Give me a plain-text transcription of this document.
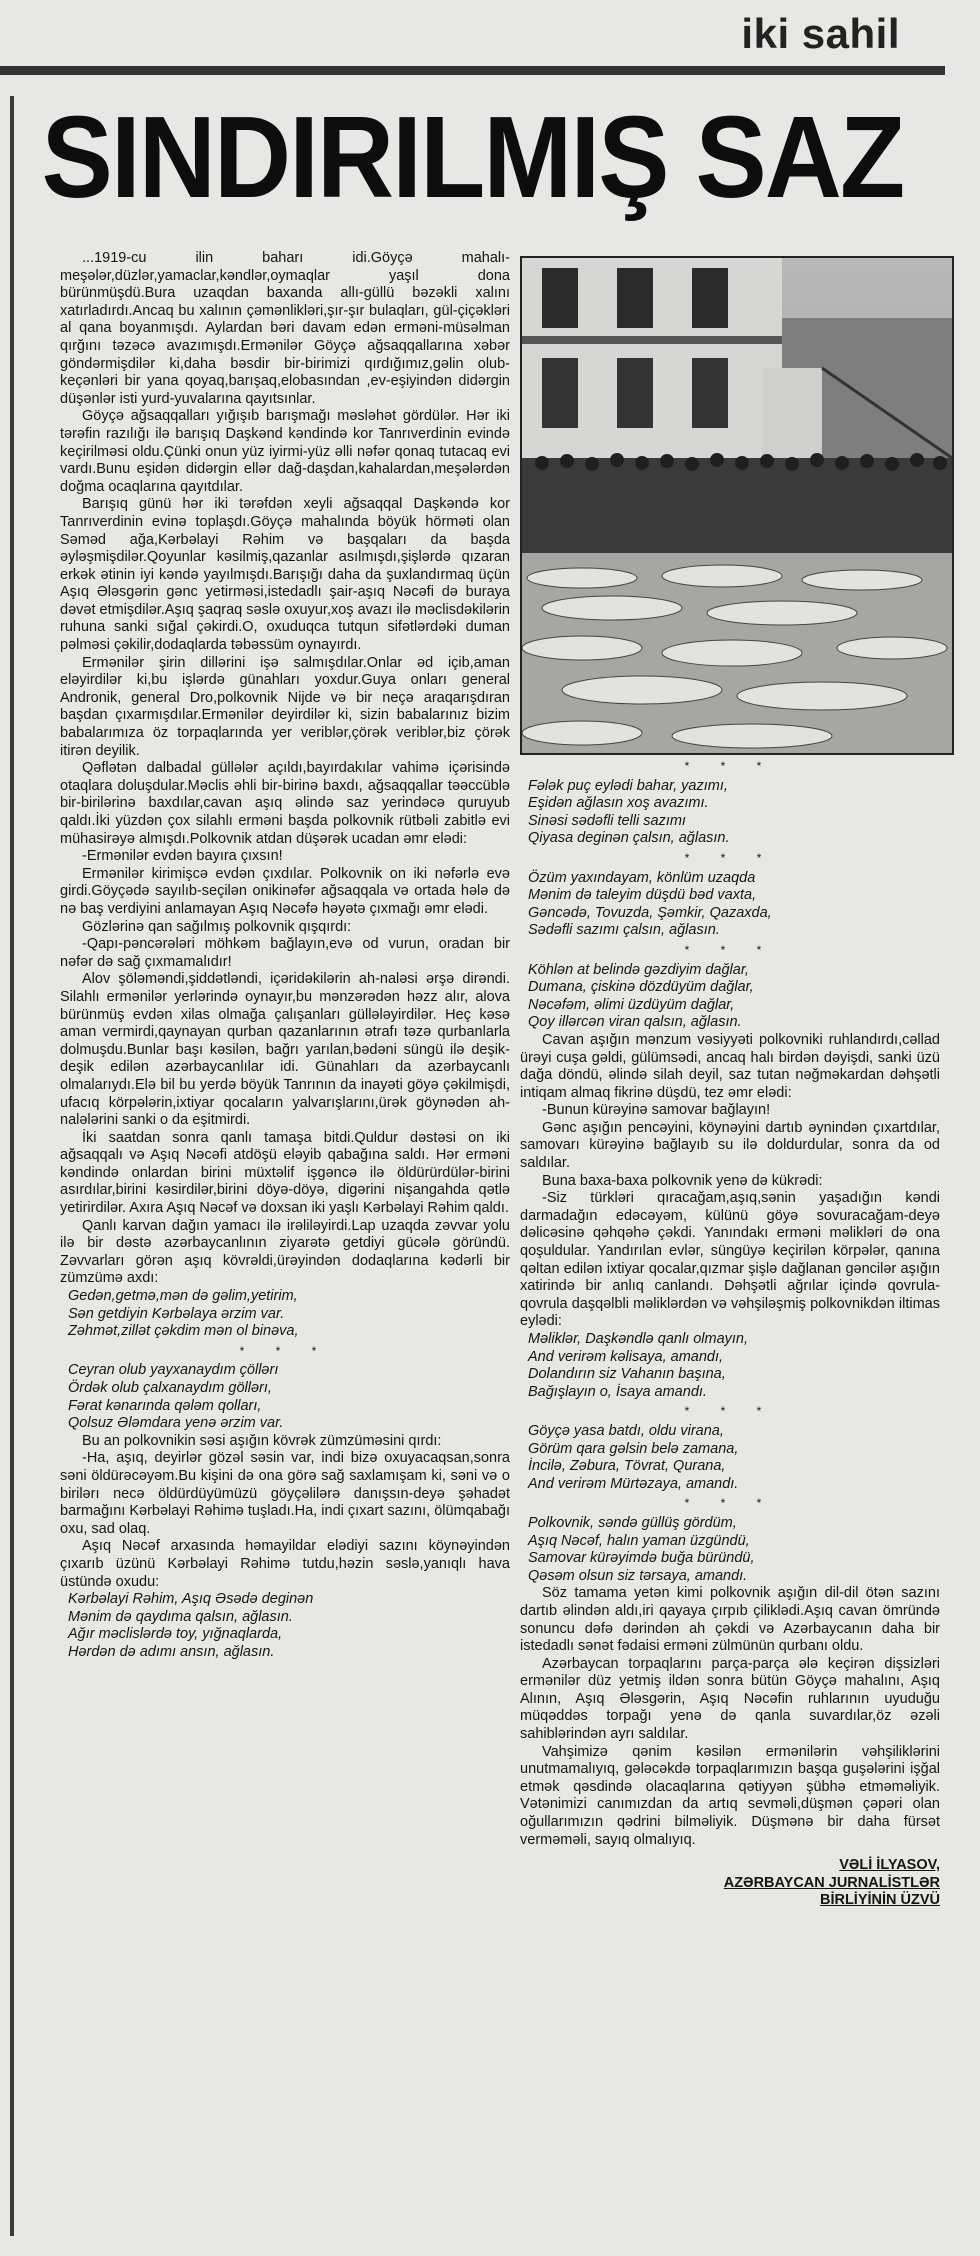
iki sahil
SINDIRILMIŞ SAZ

...1919-cu ilin baharı idi.Göyçə mahalı-meşələr,düzlər,yamaclar,kəndlər,oymaqlar yaşıl dona bürünmüşdü.Bura uzaqdan baxanda allı-güllü bəzəkli xalını xatırladırdı.Ancaq bu xalının çəmənlikləri,şır-şır bulaqları, gül-çiçəkləri al qana boyanmışdı. Aylardan bəri davam edən erməni-müsəlman qırğını təzəcə avazımışdı.Ermənilər Göyçə ağsaqqallarına xəbər göndərmişdilər ki,daha bəsdir bir-birimizi qırdığımız,gəlin olub-keçənləri bir yana qoyaq,barışaq,elobasından ,ev-eşiyindən didərgin düşənlər isti yurd-yuvalarına qayıtsınlar.

Göyçə ağsaqqalları yığışıb barışmağı məsləhət gördülər. Hər iki tərəfin razılığı ilə barışıq Daşkənd kəndində kor Tanrıverdinin evində keçirilməsi oldu.Çünki onun yüz iyirmi-yüz əlli nəfər qonaq tutacaq evi vardı.Bunu eşidən didərgin ellər dağ-daşdan,kahalardan,meşələrdən doğma ocaqlarına qayıtdılar.

Barışıq günü hər iki tərəfdən xeyli ağsaqqal Daşkəndə kor Tanrıverdinin evinə toplaşdı.Göyçə mahalında böyük hörməti olan Səməd ağa,Kərbəlayi Rəhim və başqaları da başda əyləşmişdilər.Qoyunlar kəsilmiş,qazanlar asılmışdı,şişlərdə qızaran erkək ətinin iyi kəndə yayılmışdı.Barışığı daha da şuxlandırmaq üçün Aşıq Ələsgərin gənc yetirməsi,istedadlı şair-aşıq Nəcəfi də buraya dəvət etmişdilər.Aşıq şaqraq səslə oxuyur,xoş avazı ilə məclisdəkilərin ruhuna sanki sığal çəkirdi.O, oxuduqca tutqun sifətlərdəki duman pəlməsi çəkilir,dodaqlarda təbəssüm oynayırdı.

Ermənilər şirin dillərini işə salmışdılar.Onlar əd içib,aman eləyirdilər ki,bu işlərdə günahları yoxdur.Guya onları general Andronik, general Dro,polkovnik Nijde və bir neçə araqarışdıran başdan çıxarmışdılar.Ermənilər deyirdilər ki, sizin babalarınız bizim babalarımıza öz torpaqlarında yer veriblər,çörək veriblər,biz çörək itirən deyilik.

Qəflətən dalbadal güllələr açıldı,bayırdakılar vahimə içərisində otaqlara doluşdular.Məclis əhli bir-birinə baxdı, ağsaqqallar təəccüblə bir-birilərinə baxdılar,cavan aşıq əlində saz yerindəcə quruyub qaldı.İki yüzdən çox silahlı erməni başda polkovnik rütbəli zabitlə evi mühasirəyə almışdı.Polkovnik atdan düşərək ucadan əmr elədi:

-Ermənilər evdən bayıra çıxsın!

Ermənilər kirimişcə evdən çıxdılar. Polkovnik on iki nəfərlə evə girdi.Göyçədə sayılıb-seçilən onikinəfər ağsaqqala və ortada hələ də nə baş verdiyini anlamayan Aşıq Nəcəfə həyətə çıxmağı əmr elədi.

Gözlərinə qan sağılmış polkovnik qışqırdı:

-Qapı-pəncərələri möhkəm bağlayın,evə od vurun, oradan bir nəfər də sağ çıxmamalıdır!

Alov şöləməndi,şiddətləndi, içəridəkilərin ah-naləsi ərşə dirəndi. Silahlı ermənilər yerlərində oynayır,bu mənzərədən həzz alır, alova bürünmüş evdən xilas olmağa çalışanları güllələyirdilər. Heç kəsə aman vermirdi,qaynayan qurban qazanlarının ətrafı təzə qurbanlarla dolmuşdu.Bunlar başı kəsilən, bağrı yarılan,bədəni süngü ilə deşik-deşik edilən azərbaycanlılar idi. Günahları da azərbaycanlı olmalarıydı.Elə bil bu yerdə böyük Tanrının da inayəti göyə çəkilmişdi, ufacıq körpələrin,ixtiyar qocaların yalvarışlarını,ürək göynədən ah-nalələrini sanki o da eşitmirdi.

İki saatdan sonra qanlı tamaşa bitdi.Quldur dəstəsi on iki ağsaqqalı və Aşıq Nəcəfi atdöşü eləyib qabağına saldı. Hər erməni kəndində onlardan birini müxtəlif işgəncə ilə öldürürdülər-birini asırdılar,birini kəsirdilər,birini döyə-döyə, digərini nişangahda qətlə yetirirdilər. Axıra Aşıq Nəcəf və doxsan iki yaşlı Kərbəlayi Rəhim qaldı.

Qanlı karvan dağın yamacı ilə irəliləyirdi.Lap uzaqda zəvvar yolu ilə bir dəstə azərbaycanlının ziyarətə getdiyi gücələ göründü. Zəvvarları görən aşıq kövrəldi,ürəyindən dodaqlarına kədərli bir zümzümə axdı:

Gedən,getmə,mən də gəlim,yetirim,
Sən getdiyin Kərbəlaya ərzim var.
Zəhmət,zillət çəkdim mən ol binəva,
* * *
Ceyran olub yayxanaydım çöllərı
Ördək olub çalxanaydım göllərı,
Fərat kənarında qələm qolları,
Qolsuz Ələmdara yenə ərzim var.

Bu an polkovnikin səsi aşığın kövrək zümzüməsini qırdı:

-Ha, aşıq, deyirlər gözəl səsin var, indi bizə oxuyacaqsan,sonra səni öldürəcəyəm.Bu kişini də ona görə sağ saxlamışam ki, səni və o birilərı necə öldürdüyümüzü göyçəlilərə danışsın-deyə şəhadət barmağını Kərbəlayi Rəhimə tuşladı.Ha, indi çıxart sazını, ölümqabağı oxu, sad olaq.

Aşıq Nəcəf arxasında həmayildar elədiyi sazını köynəyindən çıxarıb üzünü Kərbəlayi Rəhimə tutdu,həzin səslə,yanıqlı hava üstündə oxudu:

Kərbəlayi Rəhim, Aşıq Əsədə deginən
Mənim də qaydıma qalsın, ağlasın.
Ağır məclislərdə toy, yığnaqlarda,
Hərdən də adımı ansın, ağlasın.
* * *
Fələk puç eylədi bahar, yazımı,
Eşidən ağlasın xoş avazımı.
Sinəsi sədəfli telli sazımı
Qiyasa deginən çalsın, ağlasın.
* * *
Özüm yaxındayam, könlüm uzaqda
Mənim də taleyim düşdü bəd vaxta,
Gəncədə, Tovuzda, Şəmkir, Qazaxda,
Sədəfli sazımı çalsın, ağlasın.
* * *
Köhlən at belində gəzdiyim dağlar,
Dumana, çiskinə dözdüyüm dağlar,
Nəcəfəm, əlimi üzdüyüm dağlar,
Qoy illərcən viran qalsın, ağlasın.

Cavan aşığın mənzum vəsiyyəti polkovniki ruhlandırdı,cəllad ürəyi cuşa gəldi, gülümsədi, ancaq halı birdən dəyişdi, sanki üzü dağa döndü, əlində silah deyil, saz tutan nəğməkardan dəhşətli intiqam almaq fikrinə düşdü, tez əmr elədi:

-Bunun kürəyinə samovar bağlayın!

Gənc aşığın pencəyini, köynəyini dartıb əynindən çıxartdılar, samovarı kürəyinə bağlayıb su ilə doldurdular, sonra da od saldılar.

Buna baxa-baxa polkovnik yenə də kükrədi:

-Siz türkləri qıracağam,aşıq,sənin yaşadığın kəndi darmadağın edəcəyəm, külünü göyə sovuracağam-deyə dəlicəsinə qəhqəhə çəkdi. Yanındakı erməni məlikləri də ona qoşuldular. Yandırılan evlər, süngüyə keçirilən körpələr, qanına qəltan edilən ixtiyar qocalar,qızmar şişlə dağlanan gəncilər aşığın xatirində bir anlıq canlandı. Dəhşətli ağrılar içində qovrula-qovrula daşqəlbli məliklərdən və vəhşiləşmiş polkovnikdən iltimas eylədi:

Məliklər, Daşkəndlə qanlı olmayın,
And verirəm kəlisaya, amandı,
Dolandırın siz Vahanın başına,
Bağışlayın o, İsaya amandı.
* * *
Göyçə yasa batdı, oldu virana,
Görüm qara gəlsin belə zamana,
İncilə, Zəbura, Tövrat, Qurana,
And verirəm Mürtəzaya, amandı.
* * *
Polkovnik, səndə güllüş gördüm,
Aşıq Nəcəf, halın yaman üzgündü,
Samovar kürəyimdə buğa büründü,
Qəsəm olsun siz tərsaya, amandı.

Söz tamama yetən kimi polkovnik aşığın dil-dil ötən sazını dartıb əlindən aldı,iri qayaya çırpıb çiliklədi.Aşıq cavan ömründə sonuncu dəfə dərindən ah çəkdi və Azərbaycanın daha bir istedadlı sənət fədaisi erməni zülmünün qurbanı oldu.

Azərbaycan torpaqlarını parça-parça ələ keçirən dişsizləri ermənilər düz yetmiş ildən sonra bütün Göyçə mahalını, Aşıq Alının, Aşıq Ələsgərin, Aşıq Nəcəfin ruhlarının uyuduğu müqəddəs torpağı yenə də qanla suvardılar,öz əzəli sahiblərindən ayrı saldılar.

Vahşimizə qənim kəsilən ermənilərin vəhşiliklərini unutmamalıyıq, gələcəkdə torpaqlarımızın başqa guşələrini işğal etmək qəsdində olacaqlarına qətiyyən şübhə etməməliyik. Vətənimizi canımızdan da artıq sevməli,düşmən çəpəri olan oğullarımızın qədrini bilməliyik. Düşmənə bir daha fürsət verməməli, sayıq olmalıyıq.

VƏLİ İLYASOV,
AZƏRBAYCAN JURNALİSTLƏR
BİRLİYİNİN ÜZVÜ
